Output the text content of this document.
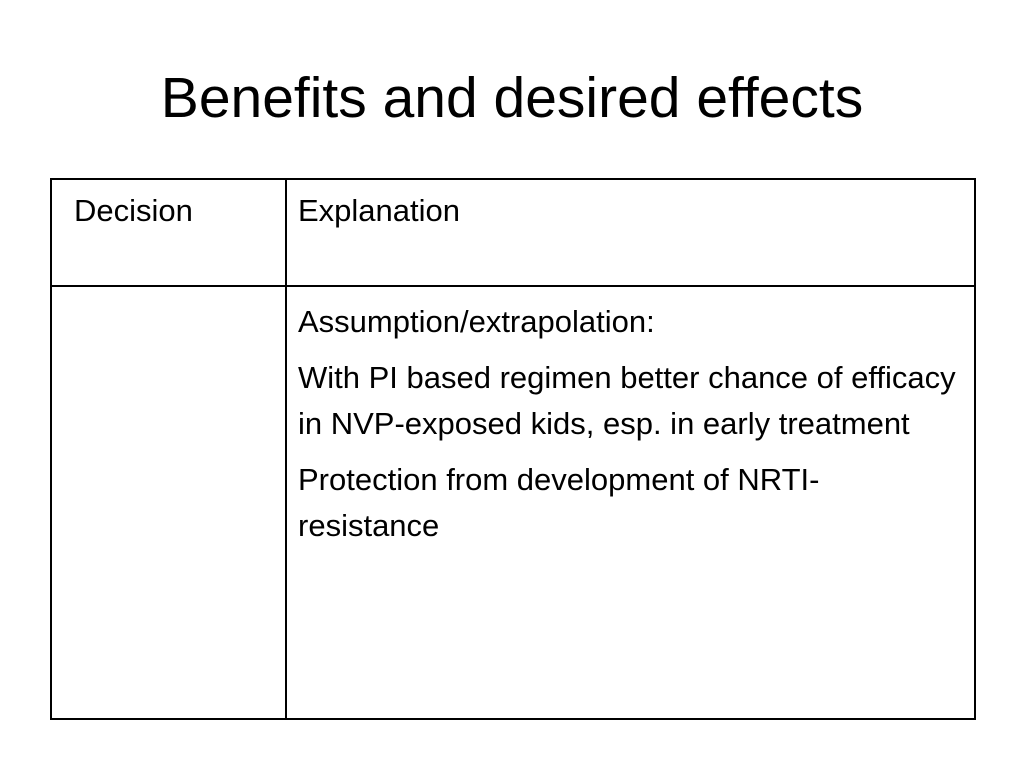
Benefits and desired effects
Decision	Explanation

	Assumption/extrapolation:

With PI based regimen better chance of efficacy in NVP-exposed kids, esp. in early treatment

Protection from development of NRTI-resistance
